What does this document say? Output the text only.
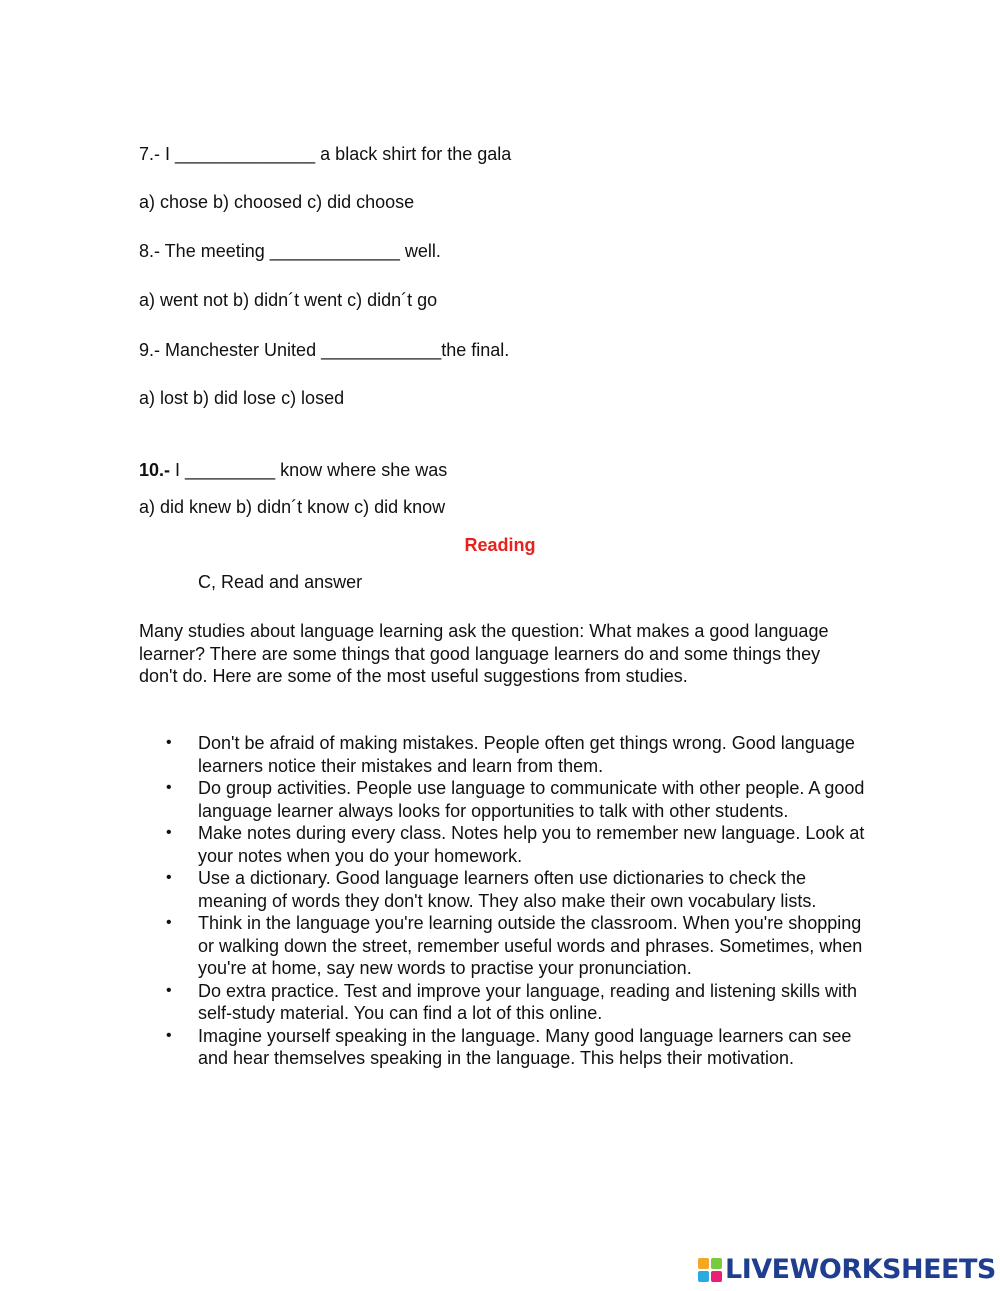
7.- I ______________ a black shirt for the gala
a) chose b) choosed c) did choose
8.- The meeting _____________ well.
a) went not b) didn´t went c) didn´t go
9.- Manchester United ____________the final.
a) lost b) did lose c) losed
10.- I _________ know where she was
a) did knew b) didn´t know c) did know
Reading
C, Read and answer
Many studies about language learning ask the question: What makes a good language learner? There are some things that good language learners do and some things they don't do. Here are some of the most useful suggestions from studies.
• Don't be afraid of making mistakes. People often get things wrong. Good language learners notice their mistakes and learn from them.
• Do group activities. People use language to communicate with other people. A good language learner always looks for opportunities to talk with other students.
• Make notes during every class. Notes help you to remember new language. Look at your notes when you do your homework.
• Use a dictionary. Good language learners often use dictionaries to check the meaning of words they don't know. They also make their own vocabulary lists.
• Think in the language you're learning outside the classroom. When you're shopping or walking down the street, remember useful words and phrases. Sometimes, when you're at home, say new words to practise your pronunciation.
• Do extra practice. Test and improve your language, reading and listening skills with self-study material. You can find a lot of this online.
• Imagine yourself speaking in the language. Many good language learners can see and hear themselves speaking in the language. This helps their motivation.
LIVEWORKSHEETS
